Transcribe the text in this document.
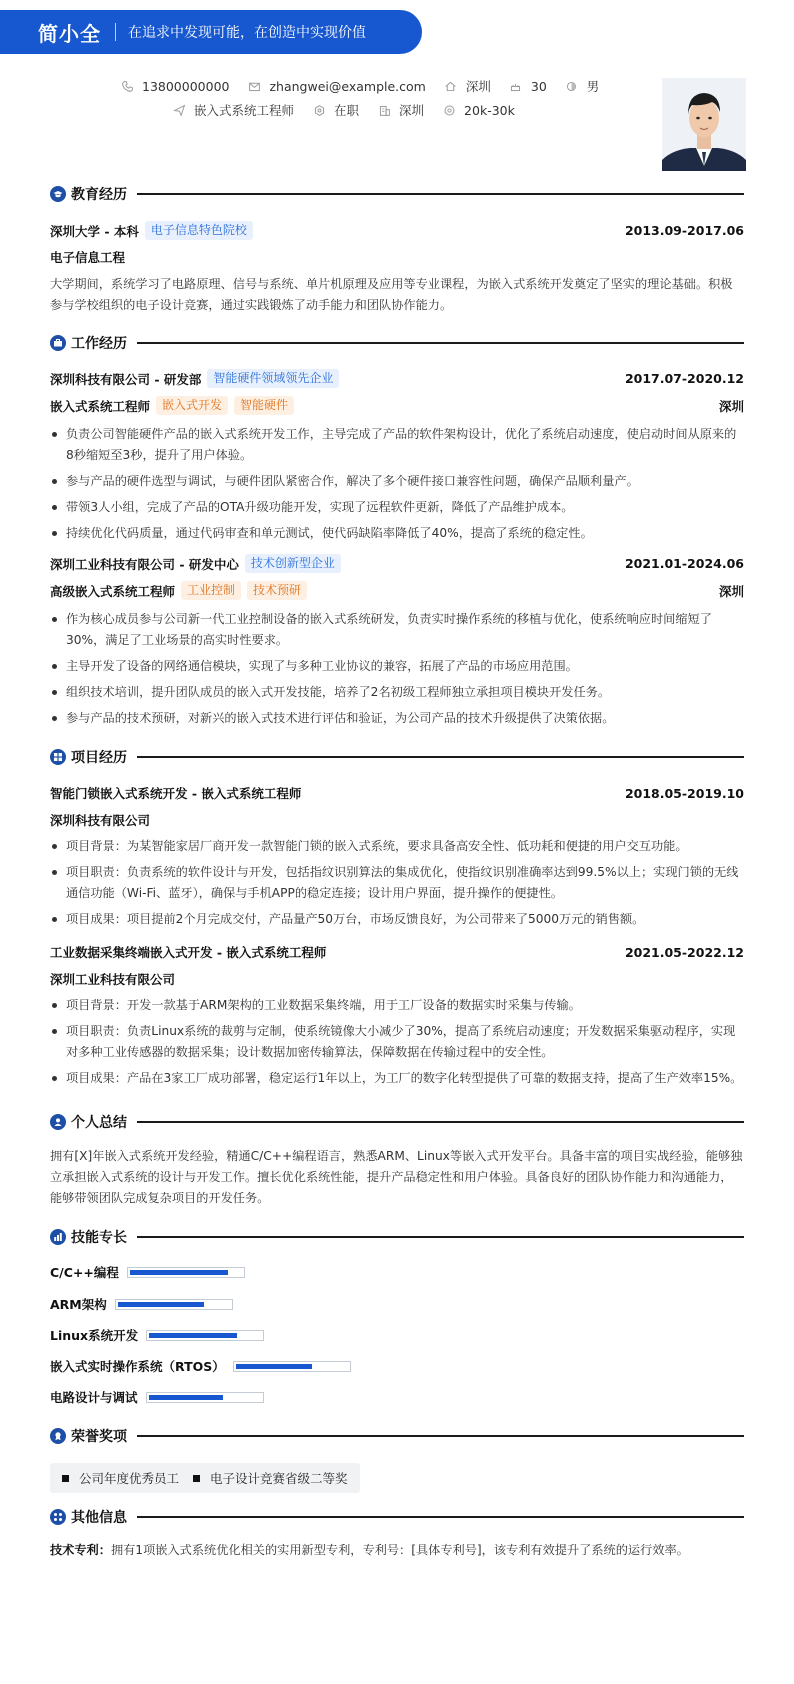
简小全 在追求中发现可能，在创造中实现价值
13800000000	zhangwei@example.com	深圳	30	男
嵌入式系统工程师	在职	深圳	20k-30k
教育经历
深圳大学 - 本科	电子信息特色院校	2013.09-2017.06
电子信息工程
大学期间，系统学习了电路原理、信号与系统、单片机原理及应用等专业课程，为嵌入式系统开发奠定了坚实的理论基础。积极参与学校组织的电子设计竞赛，通过实践锻炼了动手能力和团队协作能力。
工作经历
深圳科技有限公司 - 研发部	智能硬件领域领先企业	2017.07-2020.12
嵌入式系统工程师	嵌入式开发	智能硬件	深圳
负责公司智能硬件产品的嵌入式系统开发工作，主导完成了产品的软件架构设计，优化了系统启动速度，使启动时间从原来的8秒缩短至3秒，提升了用户体验。
参与产品的硬件选型与调试，与硬件团队紧密合作，解决了多个硬件接口兼容性问题，确保产品顺利量产。
带领3人小组，完成了产品的OTA升级功能开发，实现了远程软件更新，降低了产品维护成本。
持续优化代码质量，通过代码审查和单元测试，使代码缺陷率降低了40%，提高了系统的稳定性。
深圳工业科技有限公司 - 研发中心	技术创新型企业	2021.01-2024.06
高级嵌入式系统工程师	工业控制	技术预研	深圳
作为核心成员参与公司新一代工业控制设备的嵌入式系统研发，负责实时操作系统的移植与优化，使系统响应时间缩短了30%，满足了工业场景的高实时性要求。
主导开发了设备的网络通信模块，实现了与多种工业协议的兼容，拓展了产品的市场应用范围。
组织技术培训，提升团队成员的嵌入式开发技能，培养了2名初级工程师独立承担项目模块开发任务。
参与产品的技术预研，对新兴的嵌入式技术进行评估和验证，为公司产品的技术升级提供了决策依据。
项目经历
智能门锁嵌入式系统开发 - 嵌入式系统工程师	2018.05-2019.10
深圳科技有限公司
项目背景：为某智能家居厂商开发一款智能门锁的嵌入式系统，要求具备高安全性、低功耗和便捷的用户交互功能。
项目职责：负责系统的软件设计与开发，包括指纹识别算法的集成优化，使指纹识别准确率达到99.5%以上；实现门锁的无线通信功能（Wi-Fi、蓝牙），确保与手机APP的稳定连接；设计用户界面，提升操作的便捷性。
项目成果：项目提前2个月完成交付，产品量产50万台，市场反馈良好，为公司带来了5000万元的销售额。
工业数据采集终端嵌入式开发 - 嵌入式系统工程师	2021.05-2022.12
深圳工业科技有限公司
项目背景：开发一款基于ARM架构的工业数据采集终端，用于工厂设备的数据实时采集与传输。
项目职责：负责Linux系统的裁剪与定制，使系统镜像大小减少了30%，提高了系统启动速度；开发数据采集驱动程序，实现对多种工业传感器的数据采集；设计数据加密传输算法，保障数据在传输过程中的安全性。
项目成果：产品在3家工厂成功部署，稳定运行1年以上，为工厂的数字化转型提供了可靠的数据支持，提高了生产效率15%。
个人总结
拥有[X]年嵌入式系统开发经验，精通C/C++编程语言，熟悉ARM、Linux等嵌入式开发平台。具备丰富的项目实战经验，能够独立承担嵌入式系统的设计与开发工作。擅长优化系统性能，提升产品稳定性和用户体验。具备良好的团队协作能力和沟通能力，能够带领团队完成复杂项目的开发任务。
技能专长
C/C++编程
ARM架构
Linux系统开发
嵌入式实时操作系统（RTOS）
电路设计与调试
荣誉奖项
公司年度优秀员工 电子设计竞赛省级二等奖
其他信息
技术专利：拥有1项嵌入式系统优化相关的实用新型专利，专利号：[具体专利号]，该专利有效提升了系统的运行效率。
